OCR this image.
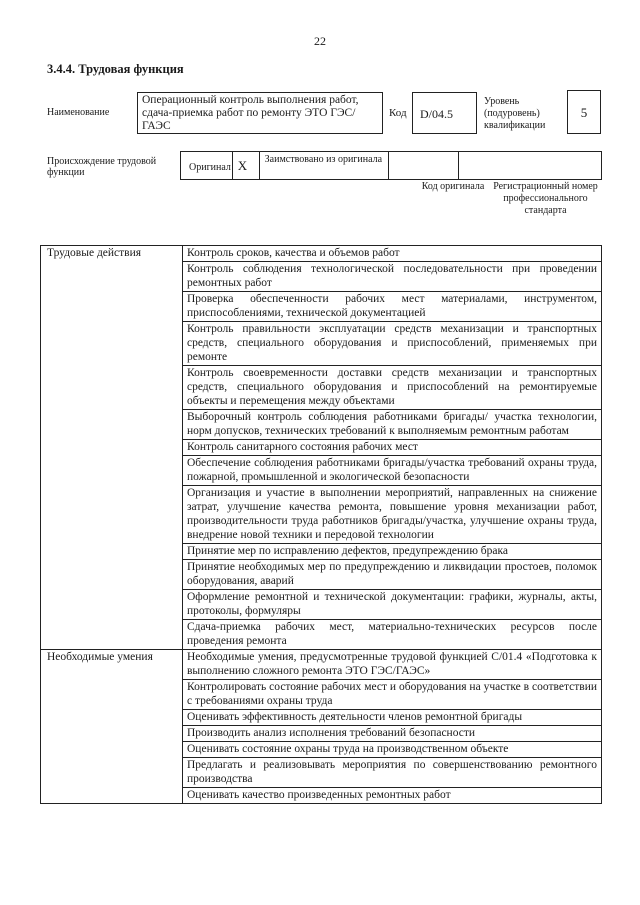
22
3.4.4. Трудовая функция
Наименование
Операционный контроль выполнения работ, сдача-приемка работ по ремонту ЭТО ГЭС/ГАЭС
Код	D/04.5
Уровень (подуровень) квалификации
5
Происхождение трудовой функции	Оригинал X	Заимствовано из оригинала
Код оригинала Регистрационный номер профессионального стандарта
Трудовые действия	Контроль сроков, качества и объемов работ
Контроль соблюдения технологической последовательности при проведении ремонтных работ
Проверка обеспеченности рабочих мест материалами, инструментом, приспособлениями, технической документацией
Контроль правильности эксплуатации средств механизации и транспортных средств, специального оборудования и приспособлений, применяемых при ремонте
Контроль своевременности доставки средств механизации и транспортных средств, специального оборудования и приспособлений на ремонтируемые объекты и перемещения между объектами
Выборочный контроль соблюдения работниками бригады/ участка технологии, норм допусков, технических требований к выполняемым ремонтным работам
Контроль санитарного состояния рабочих мест
Обеспечение соблюдения работниками бригады/участка требований охраны труда, пожарной, промышленной и экологической безопасности
Организация и участие в выполнении мероприятий, направленных на снижение затрат, улучшение качества ремонта, повышение уровня механизации работ, производительности труда работников бригады/участка, улучшение охраны труда, внедрение новой техники и передовой технологии
Принятие мер по исправлению дефектов, предупреждению брака
Принятие необходимых мер по предупреждению и ликвидации простоев, поломок оборудования, аварий
Оформление ремонтной и технической документации: графики, журналы, акты, протоколы, формуляры
Сдача-приемка рабочих мест, материально-технических ресурсов после проведения ремонта
Необходимые умения	Необходимые умения, предусмотренные трудовой функцией С/01.4 «Подготовка к выполнению сложного ремонта ЭТО ГЭС/ГАЭС»
Контролировать состояние рабочих мест и оборудования на участке в соответствии с требованиями охраны труда
Оценивать эффективность деятельности членов ремонтной бригады
Производить анализ исполнения требований безопасности
Оценивать состояние охраны труда на производственном объекте
Предлагать и реализовывать мероприятия по совершенствованию ремонтного производства
Оценивать качество произведенных ремонтных работ
